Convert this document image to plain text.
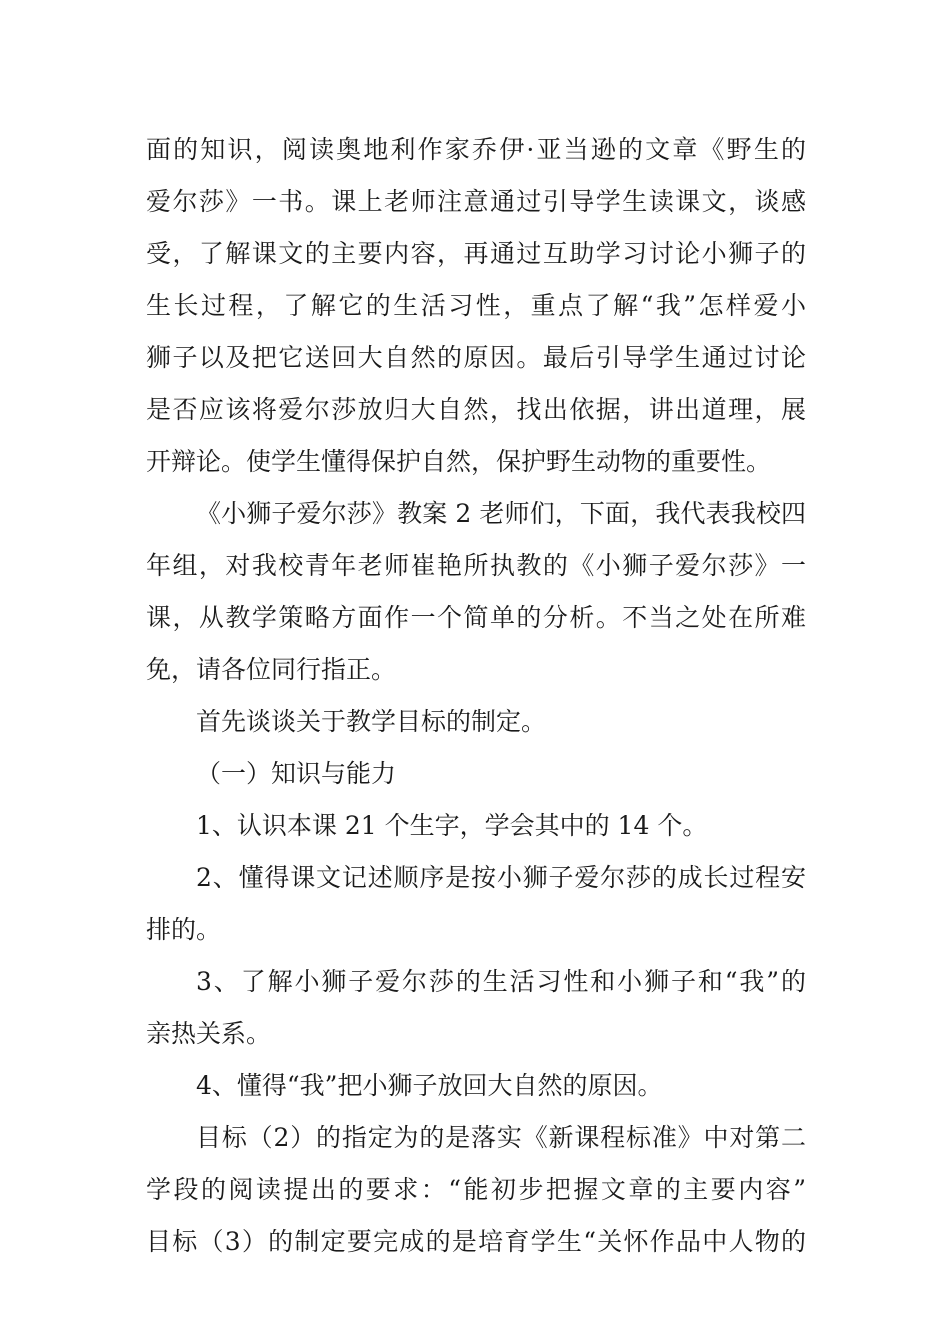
面的知识，阅读奥地利作家乔伊·亚当逊的文章《野生的
爱尔莎》一书。课上老师注意通过引导学生读课文，谈感
受，了解课文的主要内容，再通过互助学习讨论小狮子的
生长过程，了解它的生活习性，重点了解“我”怎样爱小
狮子以及把它送回大自然的原因。最后引导学生通过讨论
是否应该将爱尔莎放归大自然，找出依据，讲出道理，展
开辩论。使学生懂得保护自然，保护野生动物的重要性。
《小狮子爱尔莎》教案 2 老师们，下面，我代表我校四
年组，对我校青年老师崔艳所执教的《小狮子爱尔莎》一
课，从教学策略方面作一个简单的分析。不当之处在所难
免，请各位同行指正。
首先谈谈关于教学目标的制定。
（一）知识与能力
1、认识本课 21 个生字，学会其中的 14 个。
2、懂得课文记述顺序是按小狮子爱尔莎的成长过程安
排的。
3、了解小狮子爱尔莎的生活习性和小狮子和“我”的
亲热关系。
4、懂得“我”把小狮子放回大自然的原因。
目标（2）的指定为的是落实《新课程标准》中对第二
学段的阅读提出的要求：“能初步把握文章的主要内容”
目标（3）的制定要完成的是培育学生“关怀作品中人物的
